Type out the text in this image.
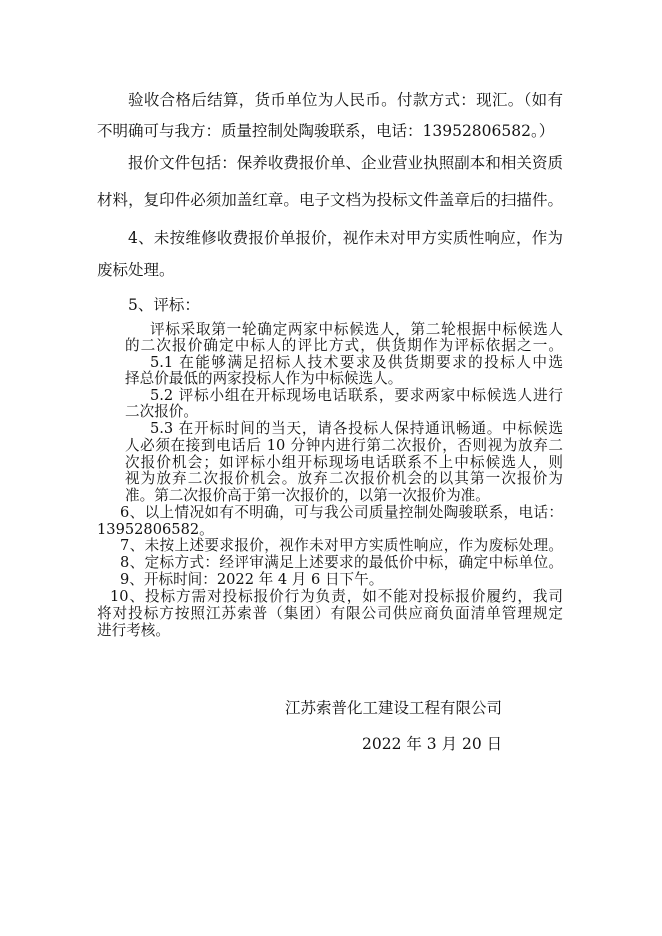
验收合格后结算，货币单位为人民币。付款方式：现汇。（如有
不明确可与我方：质量控制处陶骏联系，电话：13952806582。）
报价文件包括：保养收费报价单、企业营业执照副本和相关资质
材料，复印件必须加盖红章。电子文档为投标文件盖章后的扫描件。
4、未按维修收费报价单报价，视作未对甲方实质性响应，作为
废标处理。
5、评标：
评标采取第一轮确定两家中标候选人，第二轮根据中标候选人
的二次报价确定中标人的评比方式，供货期作为评标依据之一。
5.1 在能够满足招标人技术要求及供货期要求的投标人中选
择总价最低的两家投标人作为中标候选人。
5.2 评标小组在开标现场电话联系，要求两家中标候选人进行
二次报价。
5.3 在开标时间的当天，请各投标人保持通讯畅通。中标候选
人必须在接到电话后 10 分钟内进行第二次报价，否则视为放弃二
次报价机会；如评标小组开标现场电话联系不上中标候选人，则
视为放弃二次报价机会。放弃二次报价机会的以其第一次报价为
准。第二次报价高于第一次报价的，以第一次报价为准。
6、以上情况如有不明确，可与我公司质量控制处陶骏联系，电话：
13952806582。
7、未按上述要求报价，视作未对甲方实质性响应，作为废标处理。
8、定标方式：经评审满足上述要求的最低价中标，确定中标单位。
9、开标时间：2022 年 4 月 6 日下午。
10、投标方需对投标报价行为负责，如不能对投标报价履约，我司
将对投标方按照江苏索普（集团）有限公司供应商负面清单管理规定
进行考核。
江苏索普化工建设工程有限公司
2022 年 3 月 20 日
